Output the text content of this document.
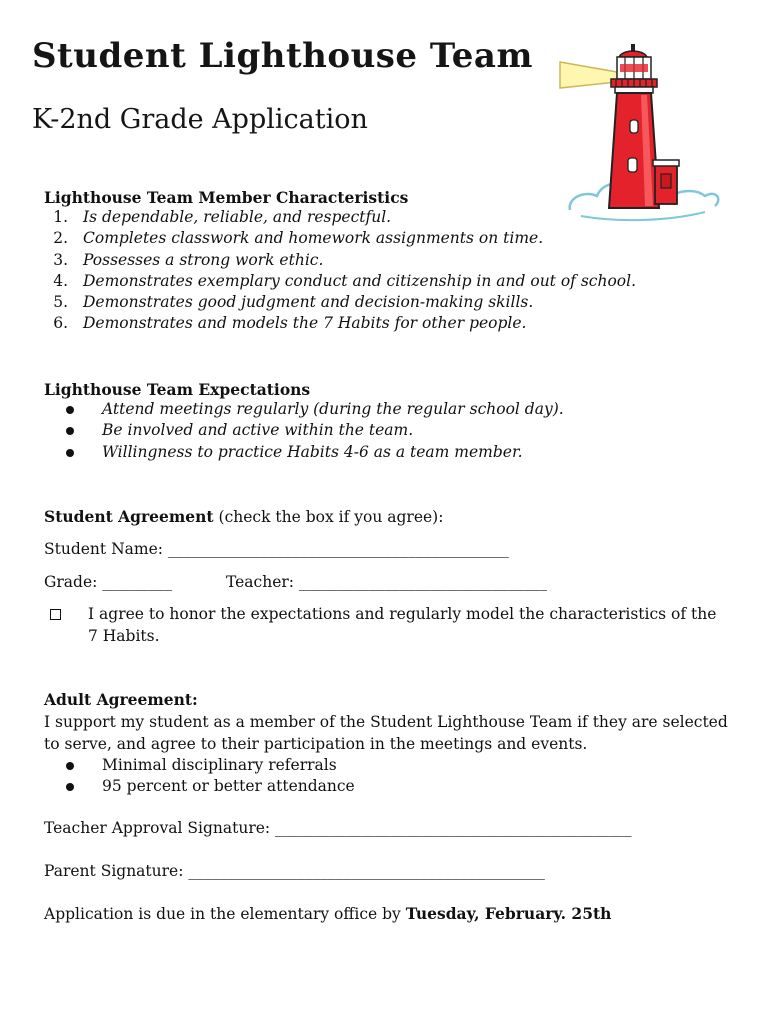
Student Lighthouse Team
K-2nd Grade Application
Lighthouse Team Member Characteristics
1. Is dependable, reliable, and respectful.
2. Completes classwork and homework assignments on time.
3. Possesses a strong work ethic.
4. Demonstrates exemplary conduct and citizenship in and out of school.
5. Demonstrates good judgment and decision-making skills.
6. Demonstrates and models the 7 Habits for other people.
Lighthouse Team Expectations
Attend meetings regularly (during the regular school day).
Be involved and active within the team.
Willingness to practice Habits 4-6 as a team member.

Student Agreement (check the box if you agree):

Student Name: ____________________________________________

Grade: _________	Teacher: ________________________________

I agree to honor the expectations and regularly model the characteristics of the 7 Habits.

Adult Agreement:

I support my student as a member of the Student Lighthouse Team if they are selected to serve, and agree to their participation in the meetings and events.

Minimal disciplinary referrals
95 percent or better attendance

Teacher Approval Signature: ______________________________________________

Parent Signature: ______________________________________________

Application is due in the elementary office by Tuesday, February. 25th
